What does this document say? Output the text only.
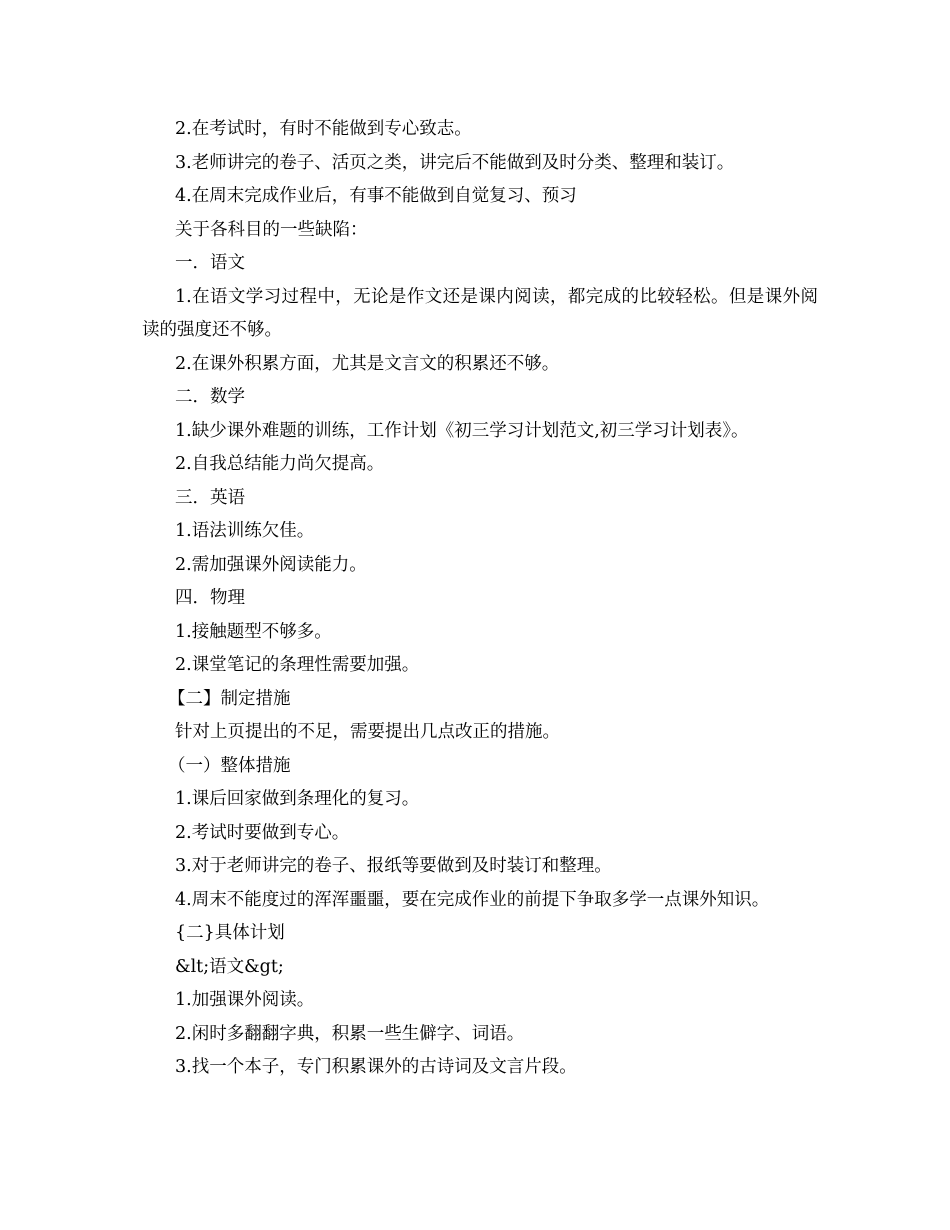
2.在考试时，有时不能做到专心致志。

3.老师讲完的卷子、活页之类，讲完后不能做到及时分类、整理和装订。

4.在周末完成作业后，有事不能做到自觉复习、预习

关于各科目的一些缺陷：

一．语文

1.在语文学习过程中，无论是作文还是课内阅读，都完成的比较轻松。但是课外阅读的强度还不够。

2.在课外积累方面，尤其是文言文的积累还不够。

二．数学

1.缺少课外难题的训练，工作计划《初三学习计划范文,初三学习计划表》。

2.自我总结能力尚欠提高。

三．英语

1.语法训练欠佳。

2.需加强课外阅读能力。

四．物理

1.接触题型不够多。

2.课堂笔记的条理性需要加强。

【二】制定措施

针对上页提出的不足，需要提出几点改正的措施。

（一）整体措施

1.课后回家做到条理化的复习。

2.考试时要做到专心。

3.对于老师讲完的卷子、报纸等要做到及时装订和整理。

4.周末不能度过的浑浑噩噩，要在完成作业的前提下争取多学一点课外知识。

{二}具体计划

&lt;语文&gt;

1.加强课外阅读。

2.闲时多翻翻字典，积累一些生僻字、词语。

3.找一个本子，专门积累课外的古诗词及文言片段。
